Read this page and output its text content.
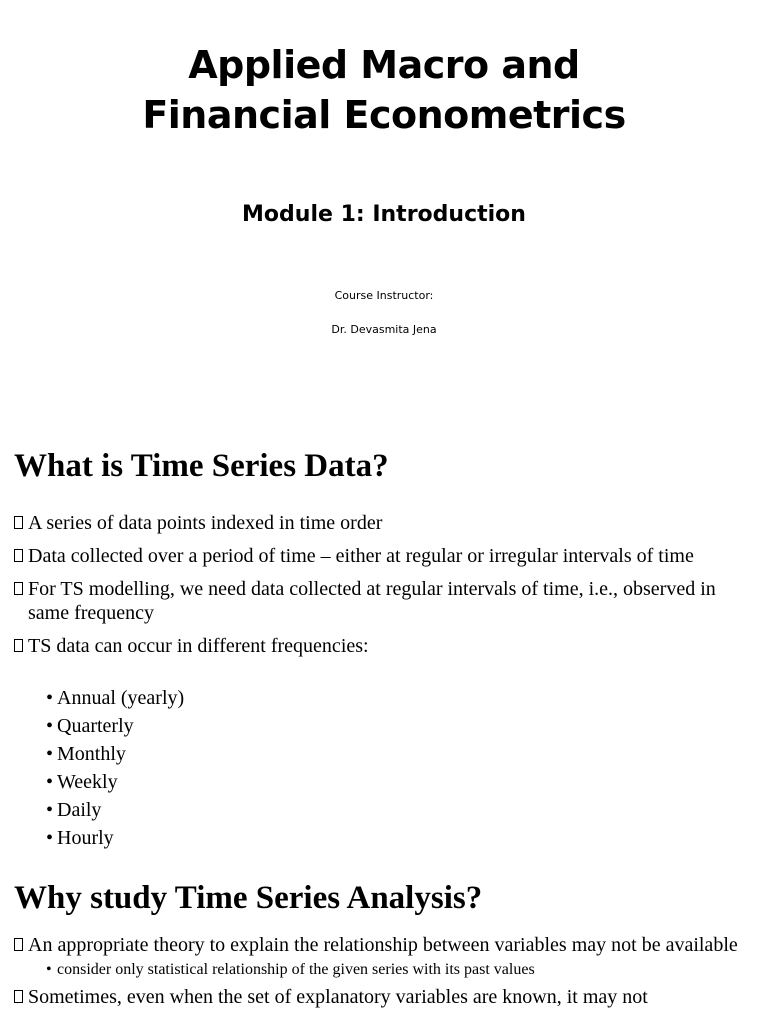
Applied Macro and
Financial Econometrics
Module 1: Introduction

Course Instructor:

Dr. Devasmita Jena

What is Time Series Data?
A series of data points indexed in time order
Data collected over a period of time – either at regular or irregular intervals of time
For TS modelling, we need data collected at regular intervals of time, i.e., observed in same frequency
TS data can occur in different frequencies:
• Annual (yearly)
• Quarterly
• Monthly
• Weekly
• Daily
• Hourly
Why study Time Series Analysis?
An appropriate theory to explain the relationship between variables may not be available
• consider only statistical relationship of the given series with its past values
Sometimes, even when the set of explanatory variables are known, it may not
